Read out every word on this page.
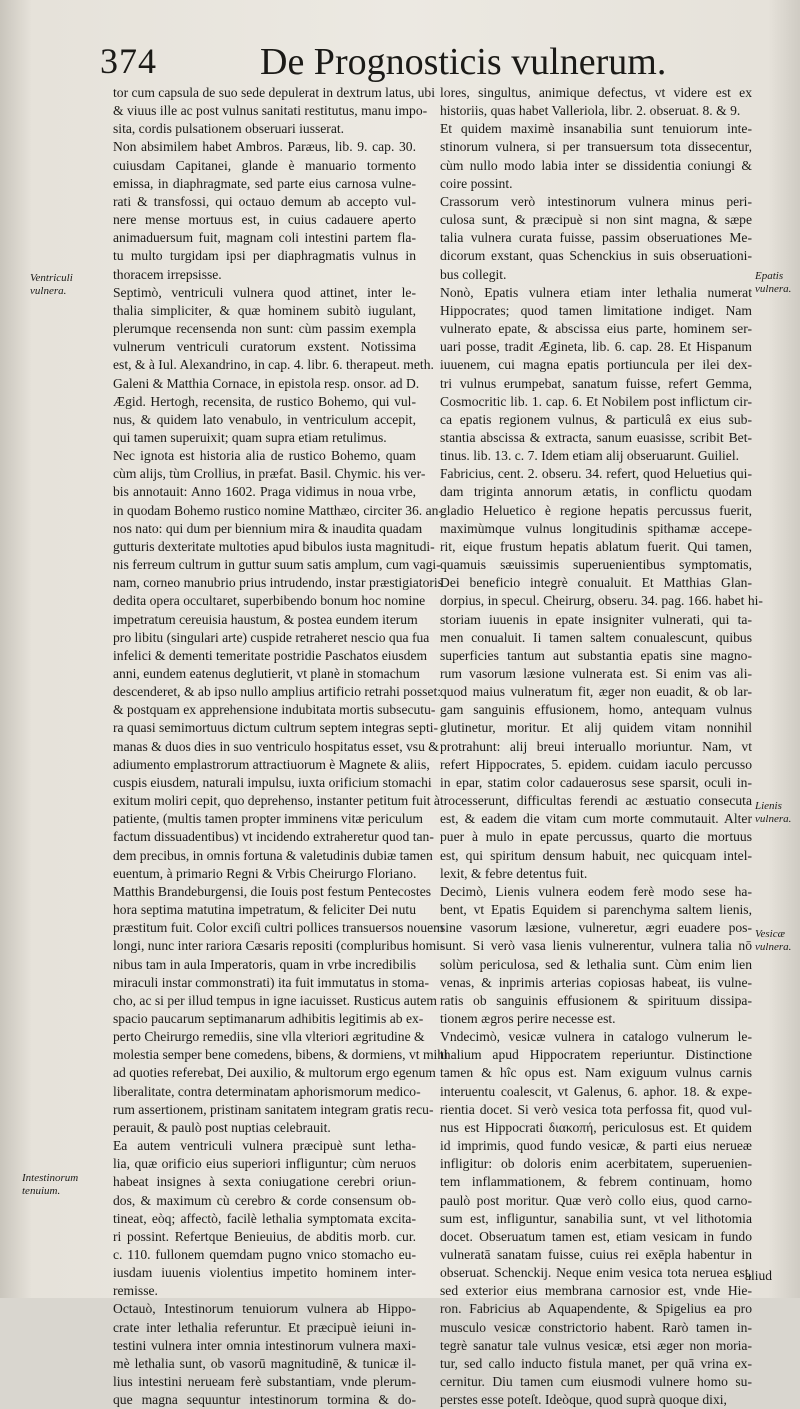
374	De Prognosticis vulnerum.
tor cum capsula de suo sede depulerat in dextrum latus, ubi
& viuus ille ac post vulnus sanitati restitutus, manu impo-
sita, cordis pulsationem obseruari iusserat.
Non absimilem habet Ambros. Paræus, lib. 9. cap. 30.
cuiusdam Capitanei, glande è manuario tormento
emissa, in diaphragmate, sed parte eius carnosa vulne-
rati & transfossi, qui octauo demum ab accepto vul-
nere mense mortuus est, in cuius cadauere aperto
animaduersum fuit, magnam coli intestini partem fla-
tu multo turgidam ipsi per diaphragmatis vulnus in
thoracem irrepsisse.
Septimò, ventriculi vulnera quod attinet, inter le-
thalia simpliciter, & quæ hominem subitò iugulant,
plerumque recensenda non sunt: cùm passim exempla
vulnerum ventriculi curatorum exstent. Notissima
est, & à Iul. Alexandrino, in cap. 4. libr. 6. therapeut. meth.
Galeni & Matthia Cornace, in epistola resp. onsor. ad D.
Ægid. Hertogh, recensita, de rustico Bohemo, qui vul-
nus, & quidem lato venabulo, in ventriculum accepit,
qui tamen superuixit; quam supra etiam retulimus.
Nec ignota est historia alia de rustico Bohemo, quam
cùm alijs, tùm Crollius, in præfat. Basil. Chymic. his ver-
bis annotauit: Anno 1602. Praga vidimus in noua vrbe,
in quodam Bohemo rustico nomine Matthæo, circiter 36. an-
nos nato: qui dum per biennium mira & inaudita quadam
gutturis dexteritate multoties apud bibulos iusta magnitudi-
nis ferreum cultrum in guttur suum satis amplum, cum vagi-
nam, corneo manubrio prius intrudendo, instar præstigiatoris
dedita opera occultaret, superbibendo bonum hoc nomine
impetratum cereuisia haustum, & postea eundem iterum
pro libitu (singulari arte) cuspide retraheret nescio qua fua
infelici & dementi temeritate postridie Paschatos eiusdem
anni, eundem eatenus deglutierit, vt planè in stomachum
descenderet, & ab ipso nullo amplius artificio retrahi posset:
& postquam ex apprehensione indubitata mortis subsecutu-
ra quasi semimortuus dictum cultrum septem integras septi-
manas & duos dies in suo ventriculo hospitatus esset, vsu &
adiumento emplastrorum attractiuorum è Magnete & aliis,
cuspis eiusdem, naturali impulsu, iuxta orificium stomachi
exitum moliri cepit, quo deprehenso, instanter petitum fuit à
patiente, (multis tamen propter imminens vitæ periculum
factum dissuadentibus) vt incidendo extraheretur quod tan-
dem precibus, in omnis fortuna & valetudinis dubiæ tamen
euentum, à primario Regni & Vrbis Cheirurgo Floriano.
Matthis Brandeburgensi, die Iouis post festum Pentecostes
hora septima matutina impetratum, & feliciter Dei nutu
præstitum fuit. Color exciſi cultri pollices transuersos nouem
longi, nunc inter rariora Cæsaris repositi (compluribus homi-
nibus tam in aula Imperatoris, quam in vrbe incredibilis
miraculi instar commonstrati) ita fuit immutatus in stoma-
cho, ac si per illud tempus in igne iacuisset. Rusticus autem
spacio paucarum septimanarum adhibitis legitimis ab ex-
perto Cheirurgo remediis, sine vlla vlteriori ægritudine &
molestia semper bene comedens, bibens, & dormiens, vt mihi
ad quoties referebat, Dei auxilio, & multorum ergo egenum
liberalitate, contra determinatam aphorismorum medico-
rum assertionem, pristinam sanitatem integram gratis recu-
perauit, & paulò post nuptias celebrauit.
Ea autem ventriculi vulnera præcipuè sunt letha-
lia, quæ orificio eius superiori infliguntur; cùm neruos
habeat insignes à sexta coniugatione cerebri oriun-
dos, & maximum cù cerebro & corde consensum ob-
tineat, eòq; affectò, facilè lethalia symptomata excita-
ri possint. Refertque Benieuius, de abditis morb. cur.
c. 110. fullonem quemdam pugno vnico stomacho eu-
iusdam iuuenis violentius impetito hominem inter-
remisse.
Octauò, Intestinorum tenuiorum vulnera ab Hippo-
crate inter lethalia referuntur. Et præcipuè ieiuni in-
testini vulnera inter omnia intestinorum vulnera maxi-
mè lethalia sunt, ob vasorū magnitudinē, & tunicæ il-
lius intestini nerueam ferè substantiam, vnde plerum-
que magna sequuntur intestinorum tormina & do-
lores, singultus, animique defectus, vt videre est ex
historiis, quas habet Valleriola, libr. 2. obseruat. 8. & 9.
Et quidem maximè insanabilia sunt tenuiorum inte-
stinorum vulnera, si per transuersum tota dissecentur,
cùm nullo modo labia inter se dissidentia coniungi &
coire possint.
Crassorum verò intestinorum vulnera minus peri-
culosa sunt, & præcipuè si non sint magna, & sæpe
talia vulnera curata fuisse, passim obseruationes Me-
dicorum exstant, quas Schenckius in suis obseruationi-
bus collegit.
Nonò, Epatis vulnera etiam inter lethalia numerat
Hippocrates; quod tamen limitatione indiget. Nam
vulnerato epate, & abscissa eius parte, hominem ser-
uari posse, tradit Ægineta, lib. 6. cap. 28. Et Hispanum
iuuenem, cui magna epatis portiuncula per ilei dex-
tri vulnus erumpebat, sanatum fuisse, refert Gemma,
Cosmocritic lib. 1. cap. 6. Et Nobilem post inflictum cir-
ca epatis regionem vulnus, & particulâ ex eius sub-
stantia abscissa & extracta, sanum euasisse, scribit Bet-
tinus. lib. 13. c. 7. Idem etiam alij obseruarunt. Guiliel.
Fabricius, cent. 2. obseru. 34. refert, quod Heluetius qui-
dam triginta annorum ætatis, in conflictu quodam
gladio Heluetico è regione hepatis percussus fuerit,
maximùmque vulnus longitudinis spithamæ accepe-
rit, eique frustum hepatis ablatum fuerit. Qui tamen,
quamuis sæuissimis superuenientibus symptomatis,
Dei beneficio integrè conualuit. Et Matthias Glan-
dorpius, in specul. Cheirurg, obseru. 34. pag. 166. habet hi-
storiam iuuenis in epate insigniter vulnerati, qui ta-
men conualuit. Ii tamen saltem conualescunt, quibus
superficies tantum aut substantia epatis sine magno-
rum vasorum læsione vulnerata est. Si enim vas ali-
quod maius vulneratum fit, æger non euadit, & ob lar-
gam sanguinis effusionem, homo, antequam vulnus
glutinetur, moritur. Et alij quidem vitam nonnihil
protrahunt: alij breui interuallo moriuntur. Nam, vt
refert Hippocrates, 5. epidem. cuidam iaculo percusso
in epar, statim color cadauerosus sese sparsit, oculi in-
trocesserunt, difficultas ferendi ac æstuatio consecuta
est, & eadem die vitam cum morte commutauit. Alter
puer à mulo in epate percussus, quarto die mortuus
est, qui spiritum densum habuit, nec quicquam intel-
lexit, & febre detentus fuit.
Decimò, Lienis vulnera eodem ferè modo sese ha-
bent, vt Epatis Equidem si parenchyma saltem lienis,
sine vasorum læsione, vulneretur, ægri euadere pos-
sunt. Si verò vasa lienis vulnerentur, vulnera talia nō
solùm periculosa, sed & lethalia sunt. Cùm enim lien
venas, & inprimis arterias copiosas habeat, iis vulne-
ratis ob sanguinis effusionem & spirituum dissipa-
tionem ægros perire necesse est.
Vndecimò, vesicæ vulnera in catalogo vulnerum le-
thalium apud Hippocratem reperiuntur. Distinctione
tamen & hîc opus est. Nam exiguum vulnus carnis
interuentu coalescit, vt Galenus, 6. aphor. 18. & expe-
rientia docet. Si verò vesica tota perfossa fit, quod vul-
nus est Hippocrati διακοπή, periculosus est. Et quidem
id imprimis, quod fundo vesicæ, & parti eius nerueæ
infligitur: ob doloris enim acerbitatem, superuenien-
tem inflammationem, & febrem continuam, homo
paulò post moritur. Quæ verò collo eius, quod carno-
sum est, infliguntur, sanabilia sunt, vt vel lithotomia
docet. Obseruatum tamen est, etiam vesicam in fundo
vulneratā sanatam fuisse, cuius rei exēpla habentur in
obseruat. Schenckij. Neque enim vesica tota neruea est,
sed exterior eius membrana carnosior est, vnde Hie-
ron. Fabricius ab Aquapendente, & Spigelius ea pro
musculo vesicæ constrictorio habent. Rarò tamen in-
tegrè sanatur tale vulnus vesicæ, etsi æger non moria-
tur, sed callo inducto fistula manet, per quā vrina ex-
cernitur. Diu tamen cum eiusmodi vulnere homo su-
perstes esse poteſt. Ideòque, quod suprà quoque dixi,
Ventriculi vulnera.
Epatis vulnera.
Lienis vulnera.
Vesicæ vulnera.
Intestinorum tenuium.
aliud
